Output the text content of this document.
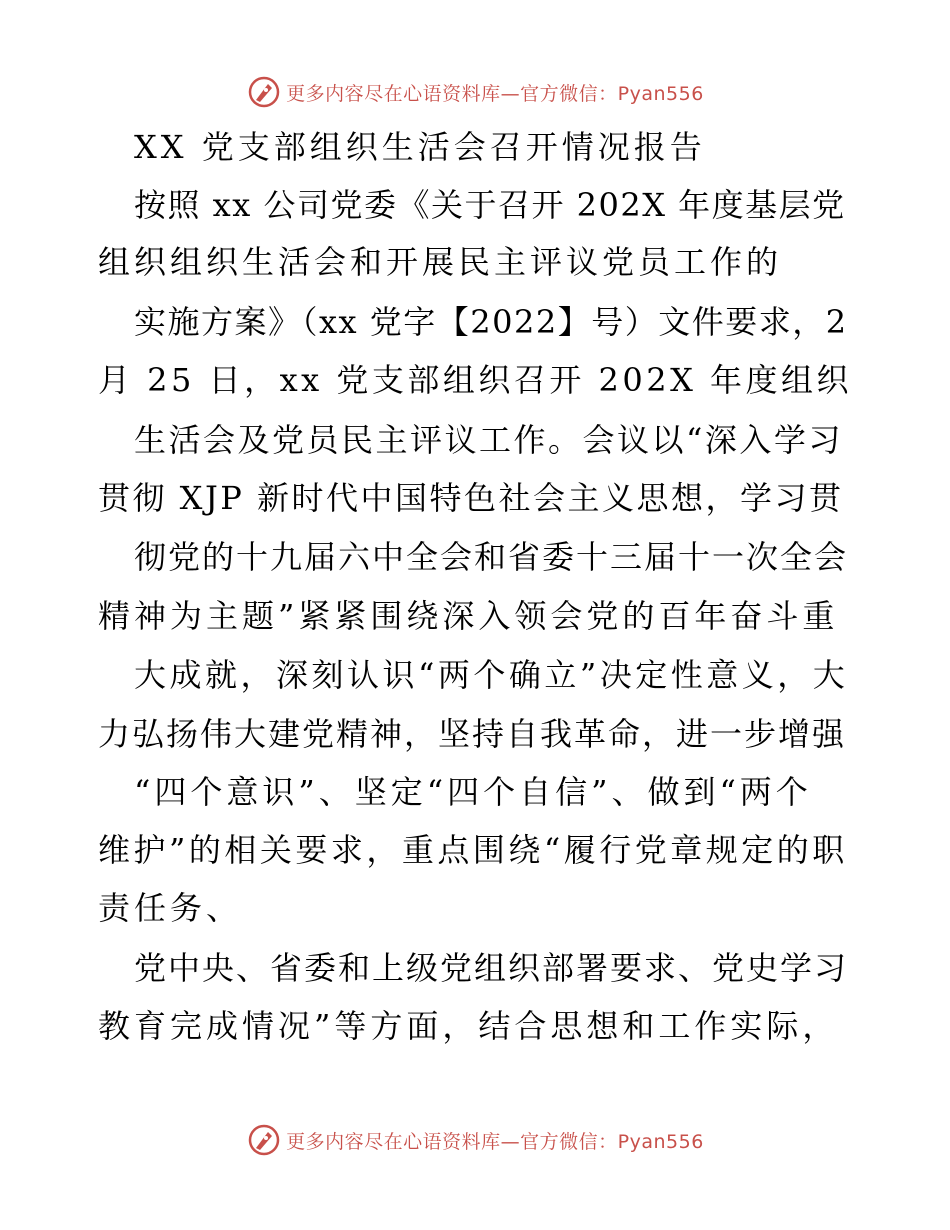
更多内容尽在心语资料库—官方微信：Pyan556
XX 党支部组织生活会召开情况报告
按照 xx 公司党委《关于召开 202X 年度基层党
组织组织生活会和开展民主评议党员工作的
实施方案》（xx 党字【2022】号）文件要求，2
月 25 日，xx 党支部组织召开 202X 年度组织
生活会及党员民主评议工作。会议以“深入学习
贯彻 XJP 新时代中国特色社会主义思想，学习贯
彻党的十九届六中全会和省委十三届十一次全会
精神为主题”紧紧围绕深入领会党的百年奋斗重
大成就，深刻认识“两个确立”决定性意义，大
力弘扬伟大建党精神，坚持自我革命，进一步增强
“四个意识”、坚定“四个自信”、做到“两个
维护”的相关要求，重点围绕“履行党章规定的职
责任务、
党中央、省委和上级党组织部署要求、党史学习
教育完成情况”等方面，结合思想和工作实际，
更多内容尽在心语资料库—官方微信：Pyan556
